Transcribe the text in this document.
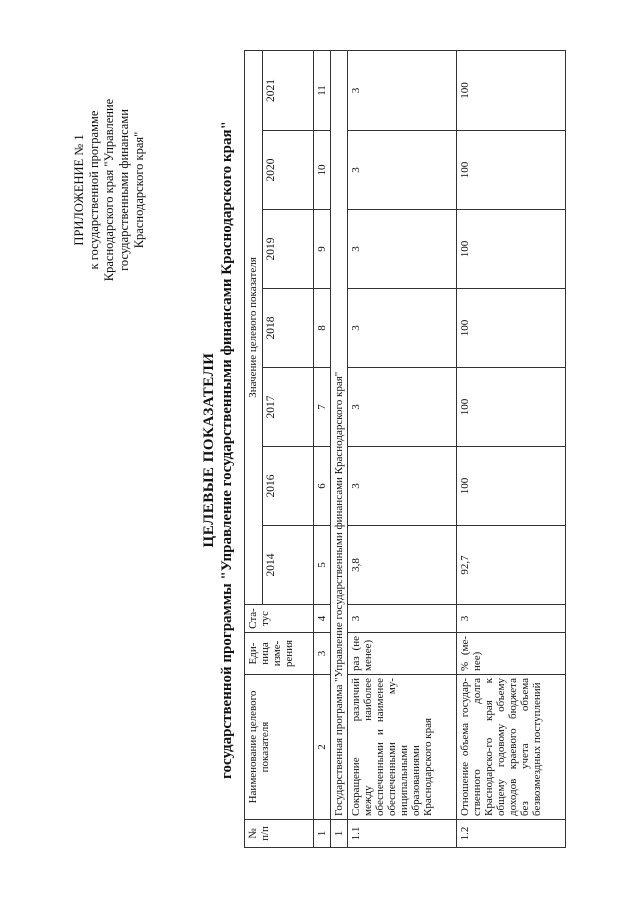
ПРИЛОЖЕНИЕ № 1 к государственной программе Краснодарского края "Управление государственными финансами Краснодарского края"
ЦЕЛЕВЫЕ ПОКАЗАТЕЛИ государственной программы "Управление государственными финансами Краснодарского края"
№ п/п	Наименование целевого показателя	Еди-ница изме-рения	Ста-тус	Значение целевого показателя						
				2014	2016	2017	2018	2019	2020	2021
1	2	3	4	5	6	7	8	9	10	11
1	Государственная программа "Управление государственными финансами Краснодарского края"									
1.1	Сокращение различий между наиболее обеспеченными и наименее обеспеченными му-ниципальными образованиями Краснодарского края	раз (не менее)	3	3,8	3	3	3	3	3	3
1.2	Отношение объема государ-ственного долга Краснодарско-го края к общему годовому объему доходов краевого бюджета без учета объема безвозмездных поступлений	% (ме-нее)	3	92,7	100	100	100	100	100	100
